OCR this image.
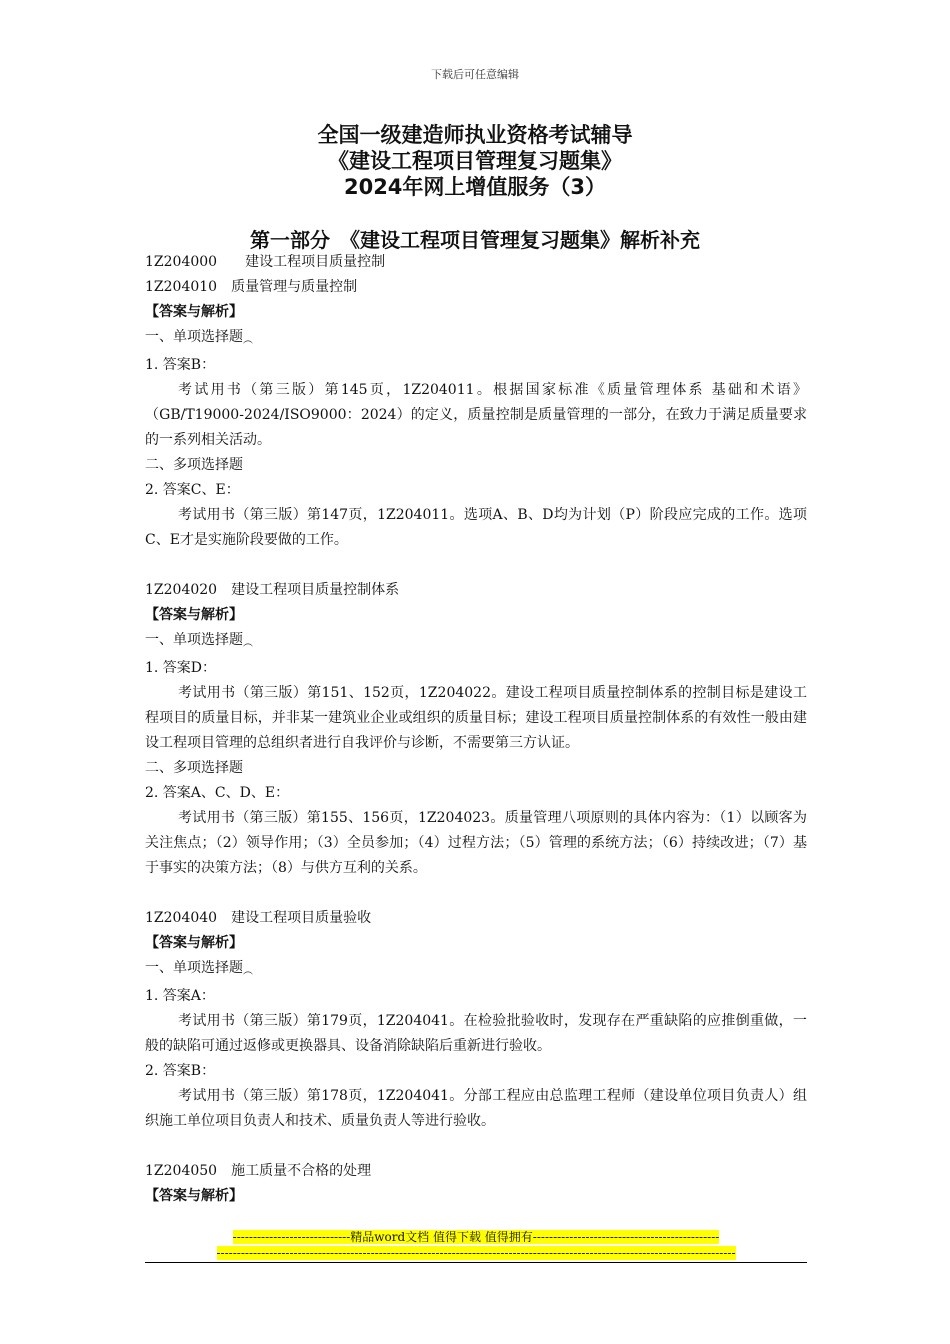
下载后可任意编辑
全国一级建造师执业资格考试辅导
《建设工程项目管理复习题集》
2024年网上增值服务（3）
第一部分　《建设工程项目管理复习题集》解析补充
1Z204000 建设工程项目质量控制
1Z204010 质量管理与质量控制
【答案与解析】
一、单项选择题︵
1. 答案B：
考试用书（第三版）第145页，1Z204011。根据国家标准《质量管理体系 基础和术语》（GB/T19000-2024/ISO9000：2024）的定义，质量控制是质量管理的一部分，在致力于满足质量要求的一系列相关活动。
二、多项选择题
2. 答案C、E：
考试用书（第三版）第147页，1Z204011。选项A、B、D均为计划（P）阶段应完成的工作。选项C、E才是实施阶段要做的工作。
1Z204020 建设工程项目质量控制体系
【答案与解析】
一、单项选择题︵
1. 答案D：
考试用书（第三版）第151、152页，1Z204022。建设工程项目质量控制体系的控制目标是建设工程项目的质量目标，并非某一建筑业企业或组织的质量目标；建设工程项目质量控制体系的有效性一般由建设工程项目管理的总组织者进行自我评价与诊断，不需要第三方认证。
二、多项选择题
2. 答案A、C、D、E：
考试用书（第三版）第155、156页，1Z204023。质量管理八项原则的具体内容为：（1）以顾客为关注焦点；（2）领导作用；（3）全员参加；（4）过程方法；（5）管理的系统方法；（6）持续改进；（7）基于事实的决策方法；（8）与供方互利的关系。
1Z204040 建设工程项目质量验收
【答案与解析】
一、单项选择题︵
1. 答案A：
考试用书（第三版）第179页，1Z204041。在检验批验收时，发现存在严重缺陷的应推倒重做，一般的缺陷可通过返修或更换器具、设备消除缺陷后重新进行验收。
2. 答案B：
考试用书（第三版）第178页，1Z204041。分部工程应由总监理工程师（建设单位项目负责人）组织施工单位项目负责人和技术、质量负责人等进行验收。
1Z204050 施工质量不合格的处理
【答案与解析】
-----------------------------精品word文档 值得下载 值得拥有----------------------------------------------
--------------------------------------------------------------------------------------------------------------------------------
